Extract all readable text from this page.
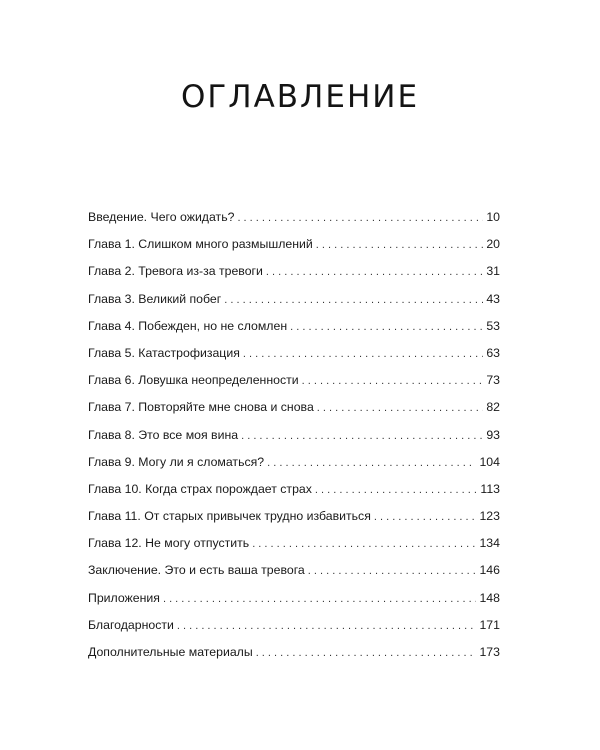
ОГЛАВЛЕНИЕ
Введение. Чего ожидать? . . .	10
Глава 1. Слишком много размышлений . . .	20
Глава 2. Тревога из-за тревоги . . .	31
Глава 3. Великий побег . . .	43
Глава 4. Побежден, но не сломлен . . .	53
Глава 5. Катастрофизация . . .	63
Глава 6. Ловушка неопределенности . . .	73
Глава 7. Повторяйте мне снова и снова . . .	82
Глава 8. Это все моя вина . . .	93
Глава 9. Могу ли я сломаться? . . .	104
Глава 10. Когда страх порождает страх . . .	113
Глава 11. От старых привычек трудно избавиться . . .	123
Глава 12. Не могу отпустить . . .	134
Заключение. Это и есть ваша тревога . . .	146
Приложения . . .	148
Благодарности . . .	171
Дополнительные материалы . . .	173
